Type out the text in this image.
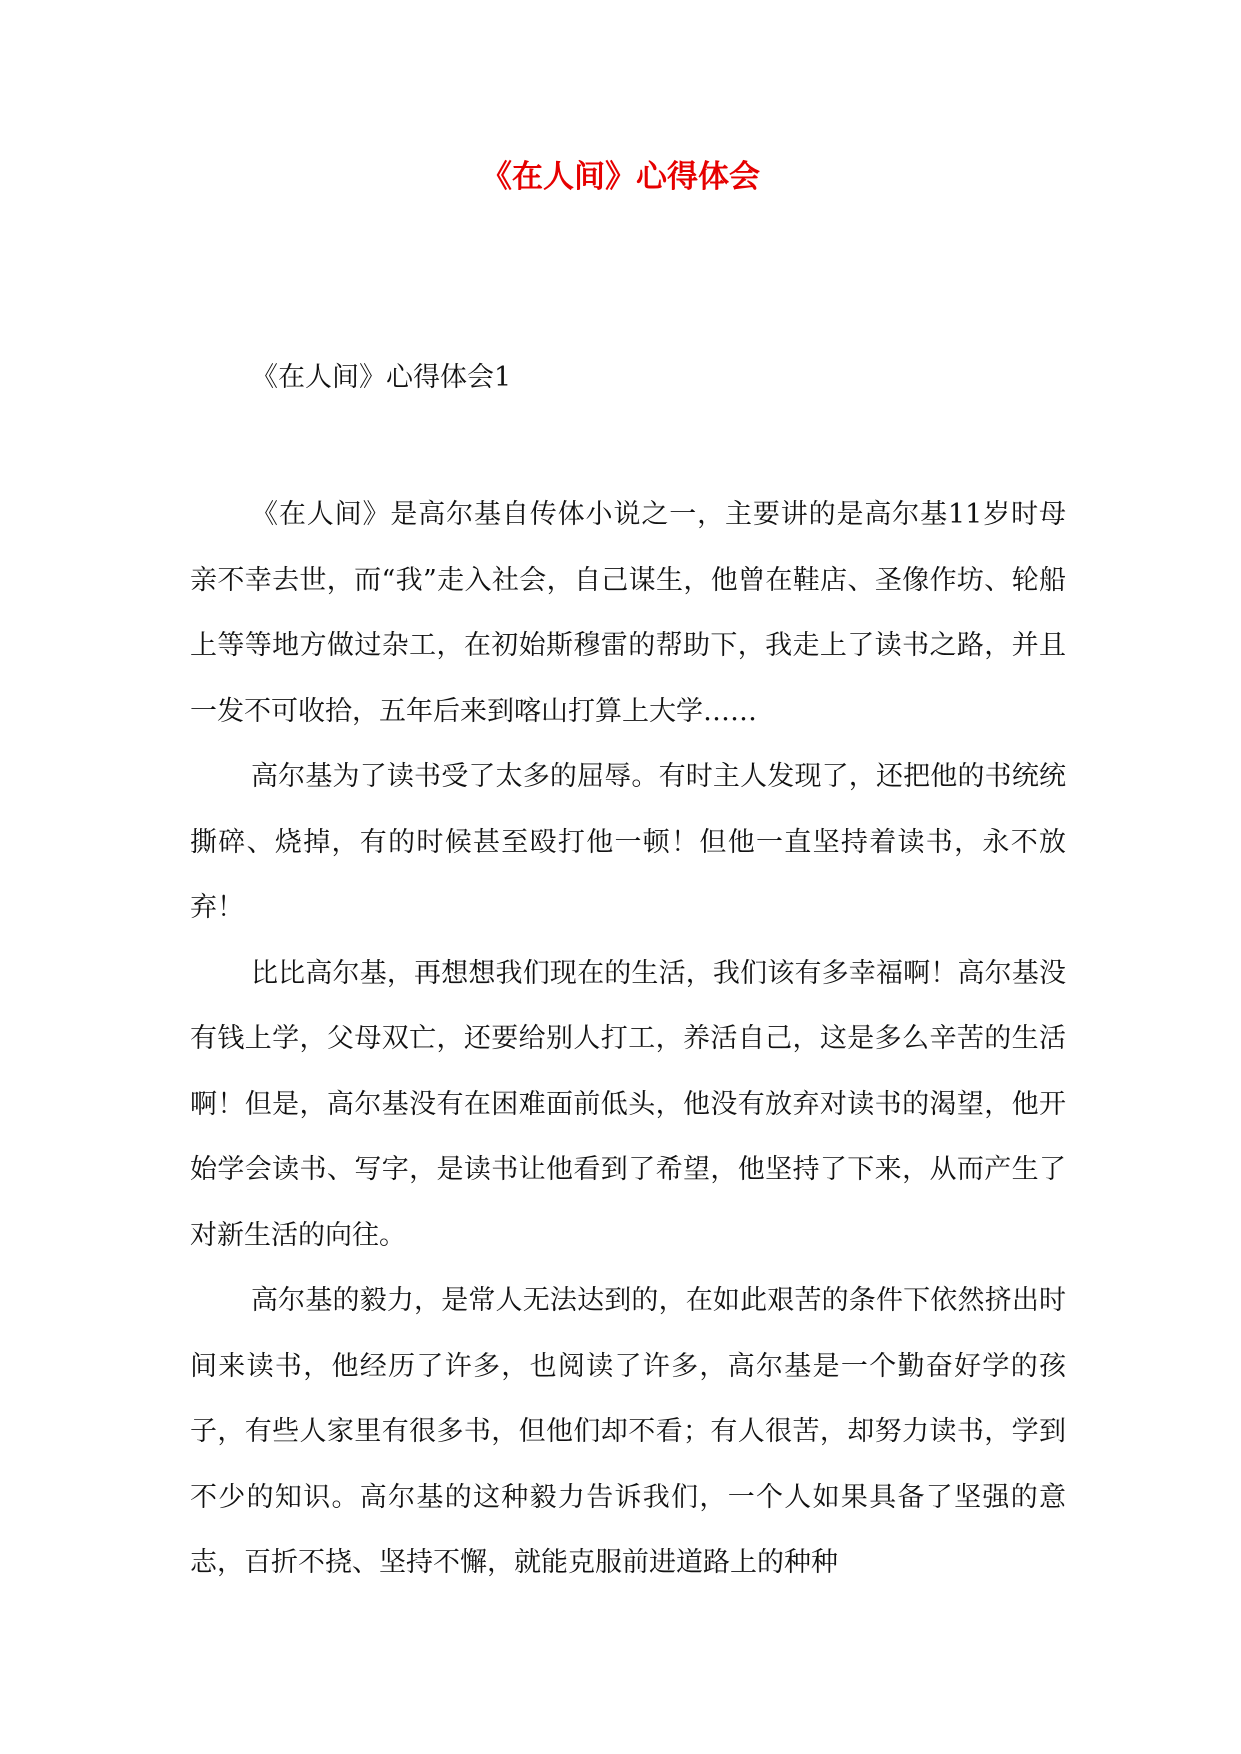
《在人间》心得体会
《在人间》心得体会1

《在人间》是高尔基自传体小说之一，主要讲的是高尔基11岁时母亲不幸去世，而“我”走入社会，自己谋生，他曾在鞋店、圣像作坊、轮船上等等地方做过杂工，在初始斯穆雷的帮助下，我走上了读书之路，并且一发不可收拾，五年后来到喀山打算上大学……

高尔基为了读书受了太多的屈辱。有时主人发现了，还把他的书统统撕碎、烧掉，有的时候甚至殴打他一顿！但他一直坚持着读书，永不放弃！

比比高尔基，再想想我们现在的生活，我们该有多幸福啊！高尔基没有钱上学，父母双亡，还要给别人打工，养活自己，这是多么辛苦的生活啊！但是，高尔基没有在困难面前低头，他没有放弃对读书的渴望，他开始学会读书、写字，是读书让他看到了希望，他坚持了下来，从而产生了对新生活的向往。

高尔基的毅力，是常人无法达到的，在如此艰苦的条件下依然挤出时间来读书，他经历了许多，也阅读了许多，高尔基是一个勤奋好学的孩子，有些人家里有很多书，但他们却不看；有人很苦，却努力读书，学到不少的知识。高尔基的这种毅力告诉我们，一个人如果具备了坚强的意志，百折不挠、坚持不懈，就能克服前进道路上的种种
